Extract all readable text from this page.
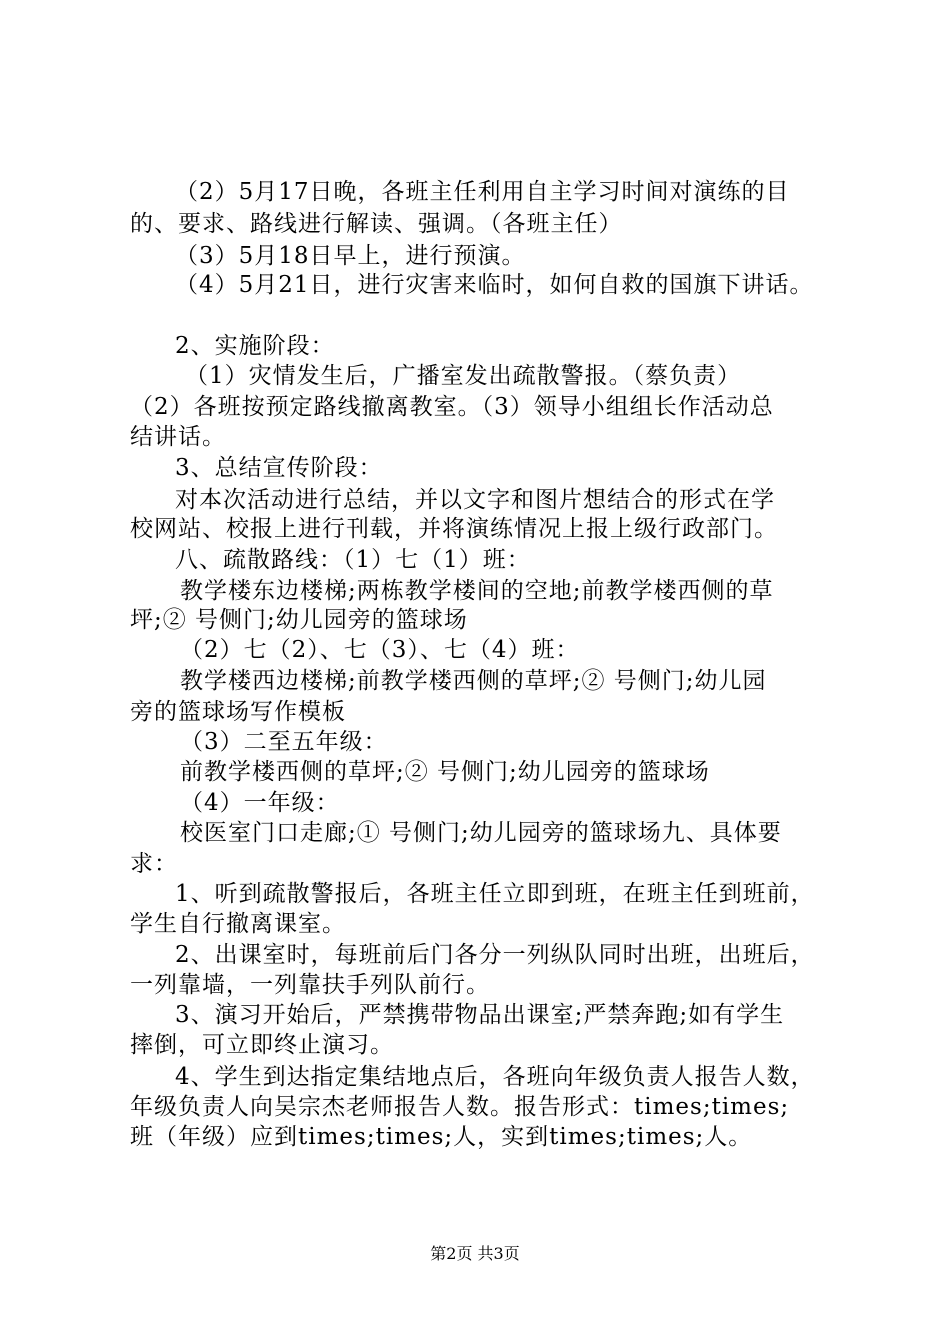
（2）5月17日晚，各班主任利用自主学习时间对演练的目
的、要求、路线进行解读、强调。（各班主任）
（3）5月18日早上，进行预演。
（4）5月21日，进行灾害来临时，如何自救的国旗下讲话。
2、实施阶段：
（1）灾情发生后，广播室发出疏散警报。（蔡负责）
（2）各班按预定路线撤离教室。（3）领导小组组长作活动总
结讲话。
3、总结宣传阶段：
对本次活动进行总结，并以文字和图片想结合的形式在学
校网站、校报上进行刊载，并将演练情况上报上级行政部门。
八、疏散路线：（1）七（1）班：
教学楼东边楼梯;两栋教学楼间的空地;前教学楼西侧的草
坪;② 号侧门;幼儿园旁的篮球场
（2）七（2）、七（3）、七（4）班：
教学楼西边楼梯;前教学楼西侧的草坪;② 号侧门;幼儿园
旁的篮球场写作模板
（3）二至五年级：
前教学楼西侧的草坪;② 号侧门;幼儿园旁的篮球场
（4）一年级：
校医室门口走廊;① 号侧门;幼儿园旁的篮球场九、具体要
求：
1、听到疏散警报后，各班主任立即到班，在班主任到班前，
学生自行撤离课室。
2、出课室时，每班前后门各分一列纵队同时出班，出班后，
一列靠墙，一列靠扶手列队前行。
3、演习开始后，严禁携带物品出课室;严禁奔跑;如有学生
摔倒，可立即终止演习。
4、学生到达指定集结地点后，各班向年级负责人报告人数，
年级负责人向吴宗杰老师报告人数。报告形式：times;times;
班（年级）应到times;times;人，实到times;times;人。
第2页 共3页
